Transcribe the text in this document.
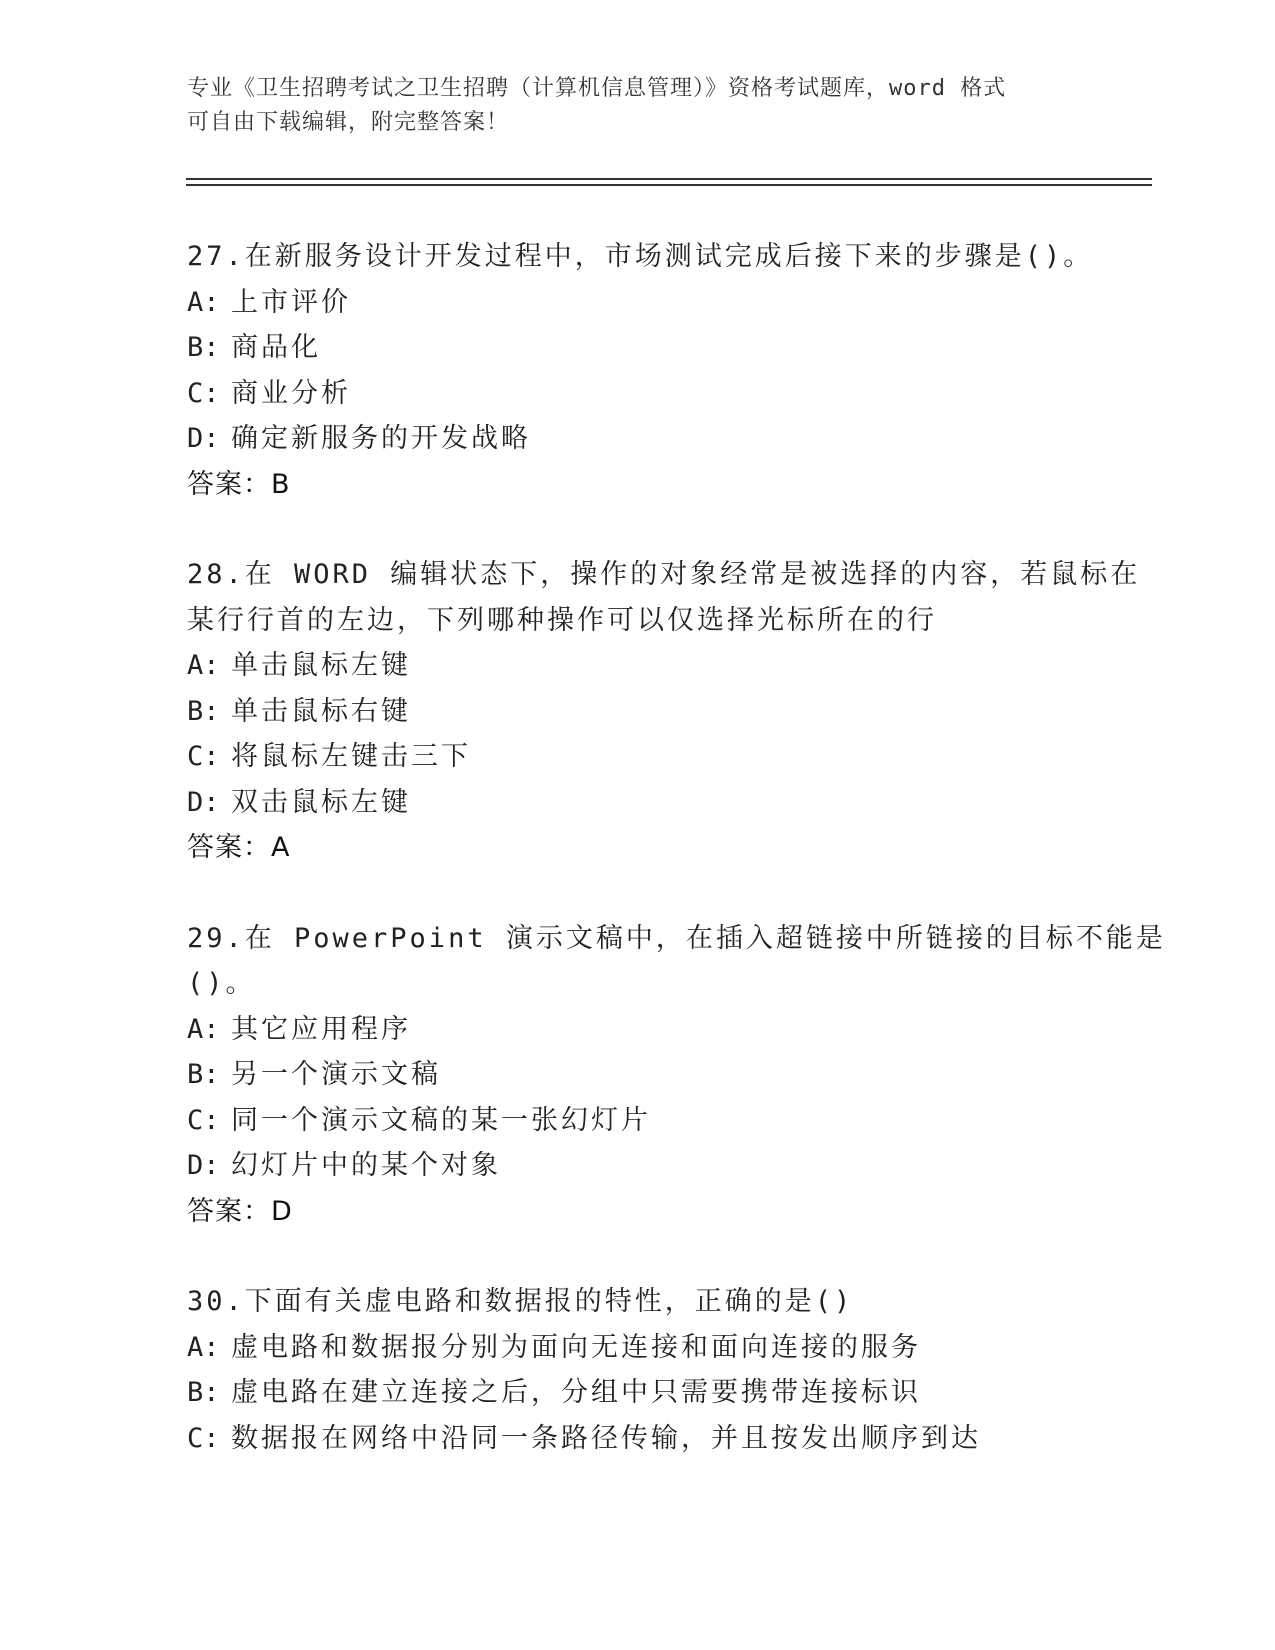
专业《卫生招聘考试之卫生招聘（计算机信息管理）》资格考试题库，word 格式
可自由下载编辑，附完整答案！
27.在新服务设计开发过程中，市场测试完成后接下来的步骤是()。
A: 上市评价
B: 商品化
C: 商业分析
D: 确定新服务的开发战略
答案：B
28.在 WORD 编辑状态下，操作的对象经常是被选择的内容，若鼠标在
某行行首的左边，下列哪种操作可以仅选择光标所在的行
A: 单击鼠标左键
B: 单击鼠标右键
C: 将鼠标左键击三下
D: 双击鼠标左键
答案：A
29.在 PowerPoint 演示文稿中，在插入超链接中所链接的目标不能是
()。
A: 其它应用程序
B: 另一个演示文稿
C: 同一个演示文稿的某一张幻灯片
D: 幻灯片中的某个对象
答案：D
30.下面有关虚电路和数据报的特性，正确的是()
A: 虚电路和数据报分别为面向无连接和面向连接的服务
B: 虚电路在建立连接之后，分组中只需要携带连接标识
C: 数据报在网络中沿同一条路径传输，并且按发出顺序到达
